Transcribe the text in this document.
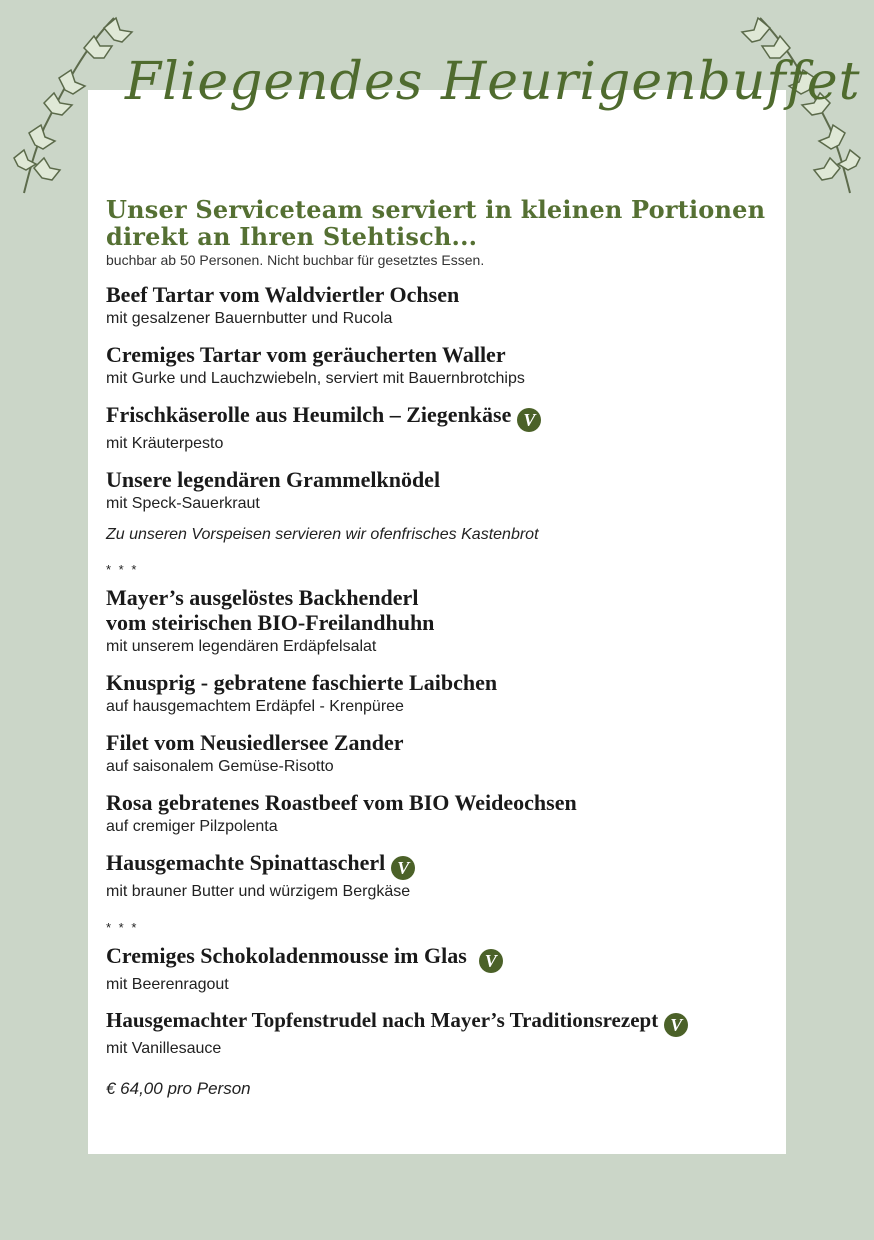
Fliegendes Heurigenbuffet

Unser Serviceteam serviert in kleinen Portionen

direkt an Ihren Stehtisch...

buchbar ab 50 Personen. Nicht buchbar für gesetztes Essen.

Beef Tartar vom Waldviertler Ochsen
mit gesalzener Bauernbutter und Rucola
Cremiges Tartar vom geräucherten Waller
mit Gurke und Lauchzwiebeln, serviert mit Bauernbrotchips
Frischkäserolle aus Heumilch – Ziegenkäse V
mit Kräuterpesto
Unsere legendären Grammelknödel
mit Speck-Sauerkraut
Zu unseren Vorspeisen servieren wir ofenfrisches Kastenbrot
* * *
Mayer’s ausgelöstes Backhenderl
vom steirischen BIO-Freilandhuhn
mit unserem legendären Erdäpfelsalat
Knusprig - gebratene faschierte Laibchen
auf hausgemachtem Erdäpfel - Krenpüree
Filet vom Neusiedlersee Zander
auf saisonalem Gemüse-Risotto
Rosa gebratenes Roastbeef vom BIO Weideochsen
auf cremiger Pilzpolenta
Hausgemachte Spinattascherl V
mit brauner Butter und würzigem Bergkäse
* * *
Cremiges Schokoladenmousse im Glas V
mit Beerenragout
Hausgemachter Topfenstrudel nach Mayer’s Traditionsrezept V
mit Vanillesauce
€ 64,00 pro Person
